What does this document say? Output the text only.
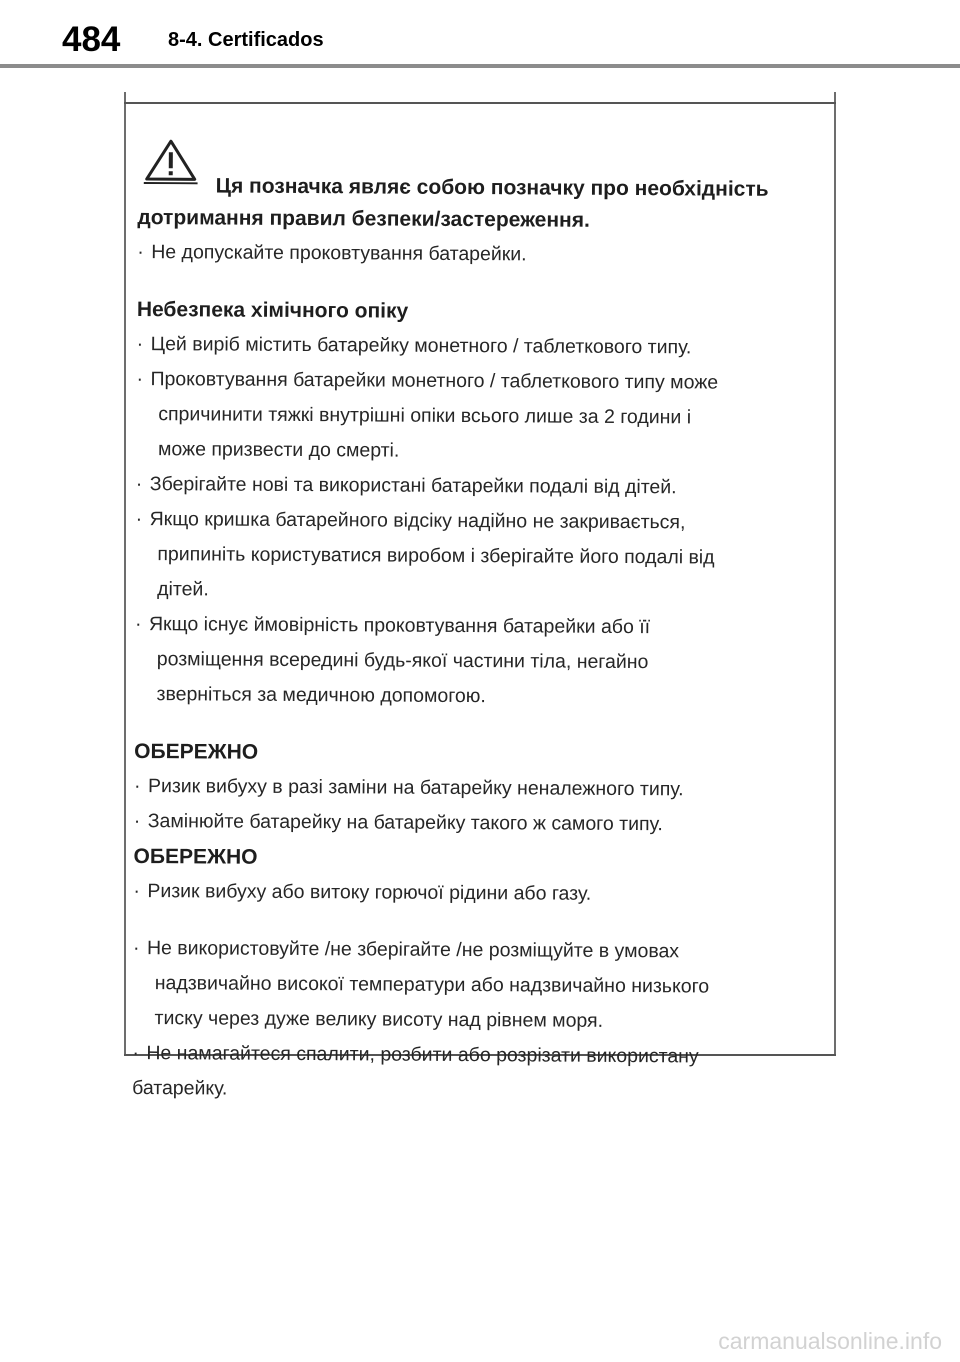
484 8-4. Certificados
Ця позначка являє собою позначку про необхідність
дотримання правил безпеки/застереження.
· Не допускайте проковтування батарейки.
Небезпека хімічного опіку
· Цей виріб містить батарейку монетного / таблеткового типу.
· Проковтування батарейки монетного / таблеткового типу може
спричинити тяжкі внутрішні опіки всього лише за 2 години і
може призвести до смерті.
· Зберігайте нові та використані батарейки подалі від дітей.
· Якщо кришка батарейного відсіку надійно не закривається,
припиніть користуватися виробом і зберігайте його подалі від
дітей.
· Якщо існує ймовірність проковтування батарейки або її
розміщення всередині будь-якої частини тіла, негайно
зверніться за медичною допомогою.
ОБЕРЕЖНО
· Ризик вибуху в разі заміни на батарейку неналежного типу.
· Замінюйте батарейку на батарейку такого ж самого типу.
ОБЕРЕЖНО
· Ризик вибуху або витоку горючої рідини або газу.
· Не використовуйте /не зберігайте /не розміщуйте в умовах
надзвичайно високої температури або надзвичайно низького
тиску через дуже велику висоту над рівнем моря.
· Не намагайтеся спалити, розбити або розрізати використану
батарейку.
carmanualsonline.info
